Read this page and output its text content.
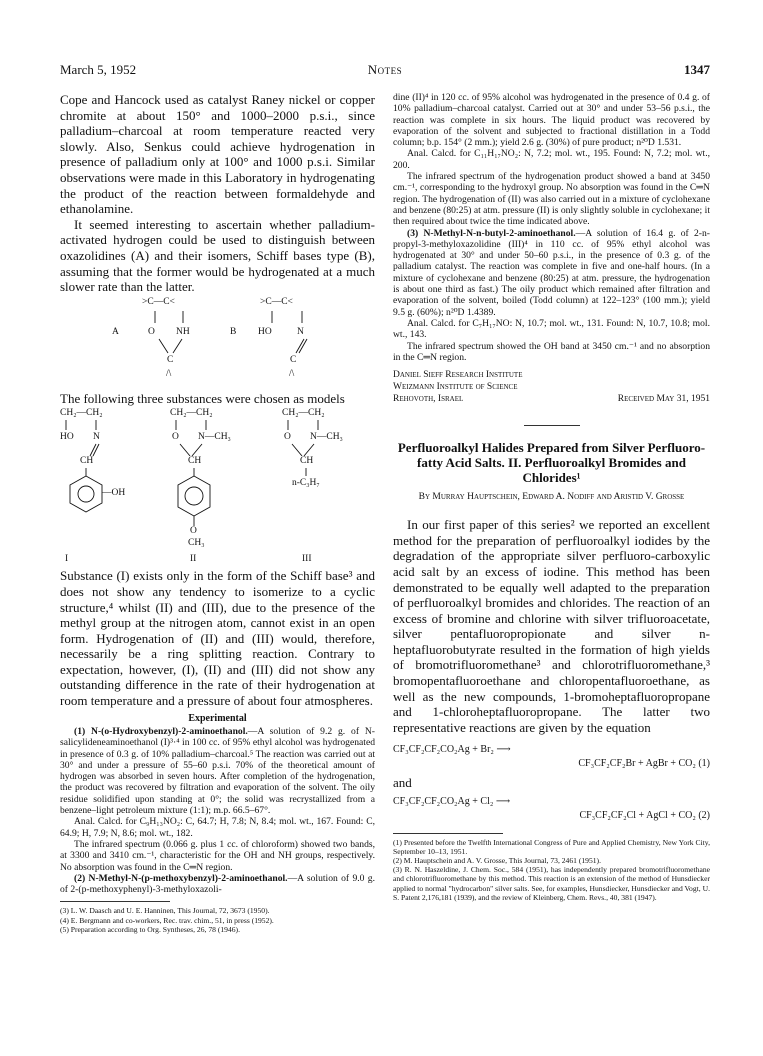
March 5, 1952	Notes	1347

Cope and Hancock used as catalyst Raney nickel or copper chromite at about 150° and 1000–2000 p.s.i., since palladium–charcoal at room temperature reacted very slowly. Also, Senkus could achieve hydrogenation in presence of palladium only at 100° and 1000 p.s.i. Similar observations were made in this Laboratory in hydrogenating the product of the reaction between formaldehyde and ethanolamine.

It seemed interesting to ascertain whether palladium-activated hydrogen could be used to distinguish between oxazolidines (A) and their isomers, Schiff bases type (B), assuming that the former would be hydrogenated at a much slower rate than the latter.

>C—C<
A	O NH
C
/\
>C—C<
B HO	N
C
/\

The following three substances were chosen as models

CH₂—CH₂
HO N
CH
—OH
I
CH₂—CH₂
O N—CH₃
CH
O
CH₃
II
CH₂—CH₂
O N—CH₃
CH
n-C₃H₇
III

Substance (I) exists only in the form of the Schiff base³ and does not show any tendency to isomerize to a cyclic structure,⁴ whilst (II) and (III), due to the presence of the methyl group at the nitrogen atom, cannot exist in an open form. Hydrogenation of (II) and (III) would, therefore, necessarily be a ring splitting reaction. Contrary to expectation, however, (I), (II) and (III) did not show any outstanding difference in the rate of their hydrogenation at room temperature and a pressure of about four atmospheres.

Experimental

(1) N-(o-Hydroxybenzyl)-2-aminoethanol.—A solution of 9.2 g. of N-salicylideneaminoethanol (I)³·⁴ in 100 cc. of 95% ethyl alcohol was hydrogenated in presence of 0.3 g. of 10% palladium–charcoal.⁵ The reaction was carried out at 30° and under a pressure of 55–60 p.s.i. 70% of the theoretical amount of hydrogen was absorbed in seven hours. After completion of the hydrogenation, the product was recovered by filtration and evaporation of the solvent. The oily residue solidified upon standing at 0°; the solid was recrystallized from a benzene–light petroleum mixture (1:1); m.p. 66.5–67°.

Anal. Calcd. for C₉H₁₃NO₂: C, 64.7; H, 7.8; N, 8.4; mol. wt., 167. Found: C, 64.9; H, 7.9; N, 8.6; mol. wt., 182.

The infrared spectrum (0.066 g. plus 1 cc. of chloroform) showed two bands, at 3300 and 3410 cm.⁻¹, characteristic for the OH and NH groups, respectively. No absorption was found in the C═N region.

(2) N-Methyl-N-(p-methoxybenzyl)-2-aminoethanol.—A solution of 9.0 g. of 2-(p-methoxyphenyl)-3-methyloxazoli-

(3) L. W. Daasch and U. E. Hanninen, This Journal, 72, 3673 (1950).

(4) E. Bergmann and co-workers, Rec. trav. chim., 51, in press (1952).

(5) Preparation according to Org. Syntheses, 26, 78 (1946).

dine (II)⁴ in 120 cc. of 95% alcohol was hydrogenated in the presence of 0.4 g. of 10% palladium–charcoal catalyst. Carried out at 30° and under 53–56 p.s.i., the reaction was complete in six hours. The liquid product was recovered by evaporation of the solvent and subjected to fractional distillation in a Todd column; b.p. 154° (2 mm.); yield 2.6 g. (30%) of pure product; n²⁰D 1.531.

Anal. Calcd. for C₁₁H₁₇NO₂: N, 7.2; mol. wt., 195. Found: N, 7.2; mol. wt., 200.

The infrared spectrum of the hydrogenation product showed a band at 3450 cm.⁻¹, corresponding to the hydroxyl group. No absorption was found in the C═N region. The hydrogenation of (II) was also carried out in a mixture of cyclohexane and benzene (80:25) at atm. pressure (II) is only slightly soluble in cyclohexane; it then required about twice the time indicated above.

(3) N-Methyl-N-n-butyl-2-aminoethanol.—A solution of 16.4 g. of 2-n-propyl-3-methyloxazolidine (III)⁴ in 110 cc. of 95% ethyl alcohol was hydrogenated at 30° and under 50–60 p.s.i., in the presence of 0.3 g. of the palladium catalyst. The reaction was complete in five and one-half hours. (In a mixture of cyclohexane and benzene (80:25) at atm. pressure, the hydrogenation is about one third as fast.) The oily product which remained after filtration and evaporation of the solvent, boiled (Todd column) at 122–123° (100 mm.); yield 9.5 g. (60%); n²⁰D 1.4389.

Anal. Calcd. for C₇H₁₇NO: N, 10.7; mol. wt., 131. Found: N, 10.7, 10.8; mol. wt., 143.

The infrared spectrum showed the OH band at 3450 cm.⁻¹ and no absorption in the C═N region.

Daniel Sieff Research Institute
Weizmann Institute of Science
Rehovoth, Israel	Received May 31, 1951

Perfluoroalkyl Halides Prepared from Silver Perfluoro-fatty Acid Salts. II. Perfluoroalkyl Bromides and Chlorides¹

By Murray Hauptschein, Edward A. Nodiff and Aristid V. Grosse

In our first paper of this series² we reported an excellent method for the preparation of perfluoroalkyl iodides by the degradation of the appropriate silver perfluoro-carboxylic acid salt by an excess of iodine. This method has been demonstrated to be equally well adapted to the preparation of perfluoroalkyl bromides and chlorides. The reaction of an excess of bromine and chlorine with silver trifluoroacetate, silver pentafluoropropionate and silver n-heptafluorobutyrate resulted in the formation of high yields of bromotrifluoromethane³ and chlorotrifluoromethane,³ bromopentafluoroethane and chloropentafluoroethane, as well as the new compounds, 1-bromoheptafluoropropane and 1-chloroheptafluoropropane. The latter two representative reactions are given by the equation

CF₃CF₂CF₂CO₂Ag + Br₂ ⟶

CF₃CF₂CF₂Br + AgBr + CO₂ (1)

and

CF₃CF₂CF₂CO₂Ag + Cl₂ ⟶

CF₃CF₂CF₂Cl + AgCl + CO₂ (2)

(1) Presented before the Twelfth International Congress of Pure and Applied Chemistry, New York City, September 10–13, 1951.

(2) M. Hauptschein and A. V. Grosse, This Journal, 73, 2461 (1951).

(3) R. N. Haszeldine, J. Chem. Soc., 584 (1951), has independently prepared bromotrifluoromethane and chlorotrifluoromethane by this method. This reaction is an extension of the method of Hunsdiecker applied to normal "hydrocarbon" silver salts. See, for examples, Hunsdiecker, Hunsdiecker and Vogt, U. S. Patent 2,176,181 (1939), and the review of Kleinberg, Chem. Revs., 40, 381 (1947).
